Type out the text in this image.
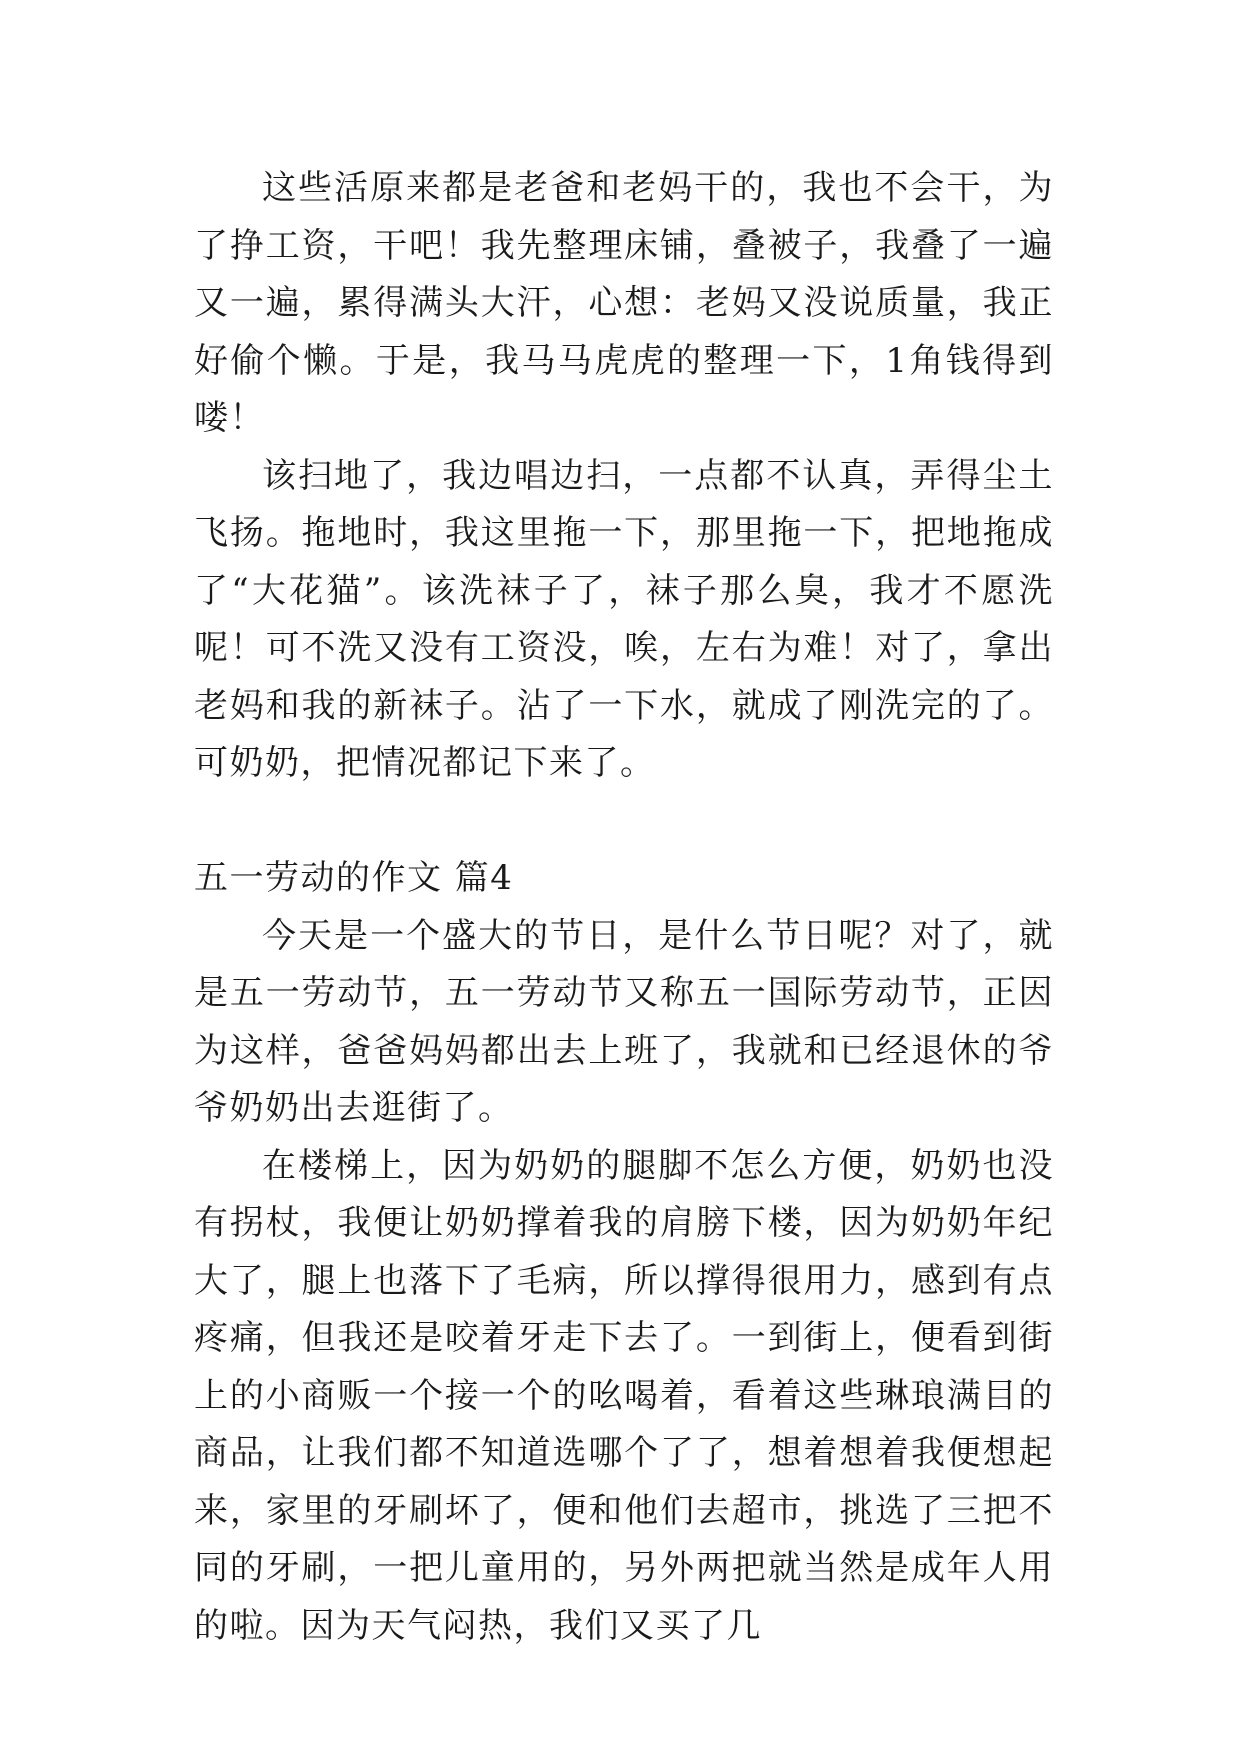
这些活原来都是老爸和老妈干的，我也不会干，为了挣工资，干吧！我先整理床铺，叠被子，我叠了一遍又一遍，累得满头大汗，心想：老妈又没说质量，我正好偷个懒。于是，我马马虎虎的整理一下，1角钱得到喽！

该扫地了，我边唱边扫，一点都不认真，弄得尘土飞扬。拖地时，我这里拖一下，那里拖一下，把地拖成了“大花猫”。该洗袜子了，袜子那么臭，我才不愿洗呢！可不洗又没有工资没，唉，左右为难！对了，拿出老妈和我的新袜子。沾了一下水，就成了刚洗完的了。可奶奶，把情况都记下来了。

五一劳动的作文 篇4

今天是一个盛大的节日，是什么节日呢？对了，就是五一劳动节，五一劳动节又称五一国际劳动节，正因为这样，爸爸妈妈都出去上班了，我就和已经退休的爷爷奶奶出去逛街了。

在楼梯上，因为奶奶的腿脚不怎么方便，奶奶也没有拐杖，我便让奶奶撑着我的肩膀下楼，因为奶奶年纪大了，腿上也落下了毛病，所以撑得很用力，感到有点疼痛，但我还是咬着牙走下去了。一到街上，便看到街上的小商贩一个接一个的吆喝着，看着这些琳琅满目的商品，让我们都不知道选哪个了了，想着想着我便想起来，家里的牙刷坏了，便和他们去超市，挑选了三把不同的牙刷，一把儿童用的，另外两把就当然是成年人用的啦。因为天气闷热，我们又买了几
